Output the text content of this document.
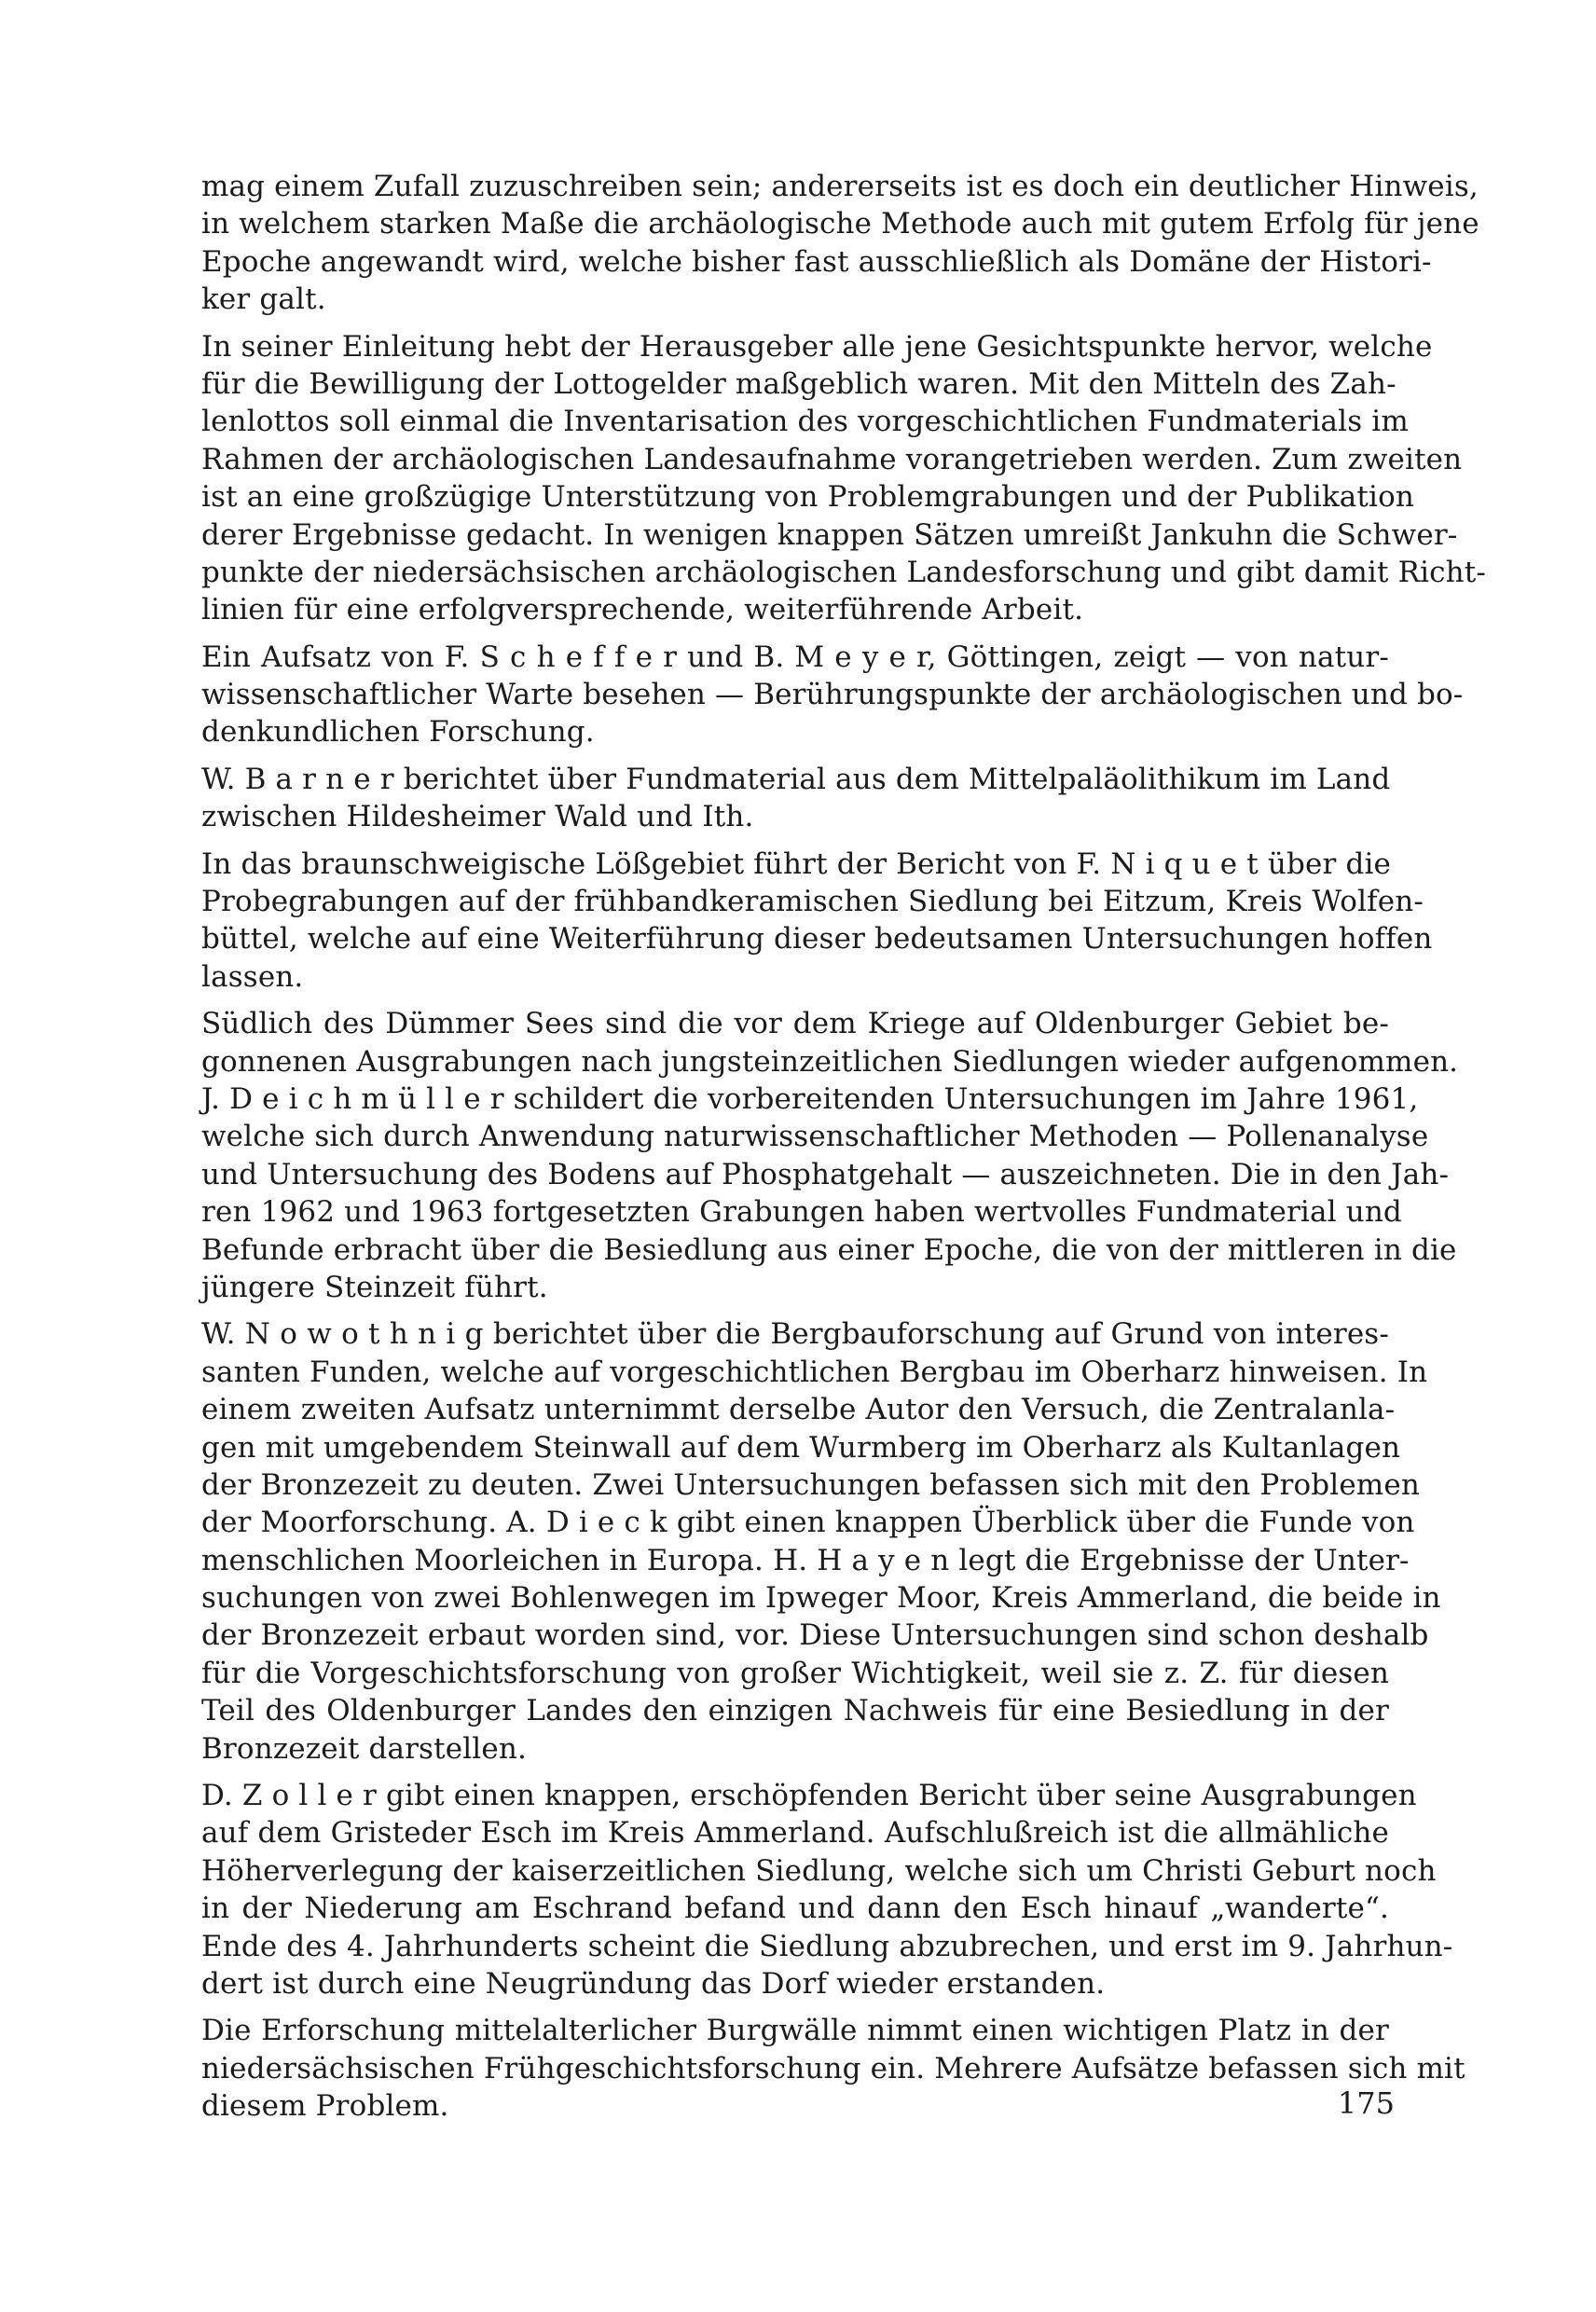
mag einem Zufall zuzuschreiben sein; andererseits ist es doch ein deutlicher Hinweis,
in welchem starken Maße die archäologische Methode auch mit gutem Erfolg für jene
Epoche angewandt wird, welche bisher fast ausschließlich als Domäne der Histori-
ker galt.
In seiner Einleitung hebt der Herausgeber alle jene Gesichtspunkte hervor, welche
für die Bewilligung der Lottogelder maßgeblich waren. Mit den Mitteln des Zah-
lenlottos soll einmal die Inventarisation des vorgeschichtlichen Fundmaterials im
Rahmen der archäologischen Landesaufnahme vorangetrieben werden. Zum zweiten
ist an eine großzügige Unterstützung von Problemgrabungen und der Publikation
derer Ergebnisse gedacht. In wenigen knappen Sätzen umreißt Jankuhn die Schwer-
punkte der niedersächsischen archäologischen Landesforschung und gibt damit Richt-
linien für eine erfolgversprechende, weiterführende Arbeit.
Ein Aufsatz von F. S c h e f f e r und B. M e y e r, Göttingen, zeigt — von natur-
wissenschaftlicher Warte besehen — Berührungspunkte der archäologischen und bo-
denkundlichen Forschung.
W. B a r n e r berichtet über Fundmaterial aus dem Mittelpaläolithikum im Land
zwischen Hildesheimer Wald und Ith.
In das braunschweigische Lößgebiet führt der Bericht von F. N i q u e t über die
Probegrabungen auf der frühbandkeramischen Siedlung bei Eitzum, Kreis Wolfen-
büttel, welche auf eine Weiterführung dieser bedeutsamen Untersuchungen hoffen
lassen.
Südlich des Dümmer Sees sind die vor dem Kriege auf Oldenburger Gebiet be-
gonnenen Ausgrabungen nach jungsteinzeitlichen Siedlungen wieder aufgenommen.
J. D e i c h m ü l l e r schildert die vorbereitenden Untersuchungen im Jahre 1961,
welche sich durch Anwendung naturwissenschaftlicher Methoden — Pollenanalyse
und Untersuchung des Bodens auf Phosphatgehalt — auszeichneten. Die in den Jah-
ren 1962 und 1963 fortgesetzten Grabungen haben wertvolles Fundmaterial und
Befunde erbracht über die Besiedlung aus einer Epoche, die von der mittleren in die
jüngere Steinzeit führt.
W. N o w o t h n i g berichtet über die Bergbauforschung auf Grund von interes-
santen Funden, welche auf vorgeschichtlichen Bergbau im Oberharz hinweisen. In
einem zweiten Aufsatz unternimmt derselbe Autor den Versuch, die Zentralanla-
gen mit umgebendem Steinwall auf dem Wurmberg im Oberharz als Kultanlagen
der Bronzezeit zu deuten. Zwei Untersuchungen befassen sich mit den Problemen
der Moorforschung. A. D i e c k gibt einen knappen Überblick über die Funde von
menschlichen Moorleichen in Europa. H. H a y e n legt die Ergebnisse der Unter-
suchungen von zwei Bohlenwegen im Ipweger Moor, Kreis Ammerland, die beide in
der Bronzezeit erbaut worden sind, vor. Diese Untersuchungen sind schon deshalb
für die Vorgeschichtsforschung von großer Wichtigkeit, weil sie z. Z. für diesen
Teil des Oldenburger Landes den einzigen Nachweis für eine Besiedlung in der
Bronzezeit darstellen.
D. Z o l l e r gibt einen knappen, erschöpfenden Bericht über seine Ausgrabungen
auf dem Gristeder Esch im Kreis Ammerland. Aufschlußreich ist die allmähliche
Höherverlegung der kaiserzeitlichen Siedlung, welche sich um Christi Geburt noch
in der Niederung am Eschrand befand und dann den Esch hinauf „wanderte“.
Ende des 4. Jahrhunderts scheint die Siedlung abzubrechen, und erst im 9. Jahrhun-
dert ist durch eine Neugründung das Dorf wieder erstanden.
Die Erforschung mittelalterlicher Burgwälle nimmt einen wichtigen Platz in der
niedersächsischen Frühgeschichtsforschung ein. Mehrere Aufsätze befassen sich mit
diesem Problem.	175
